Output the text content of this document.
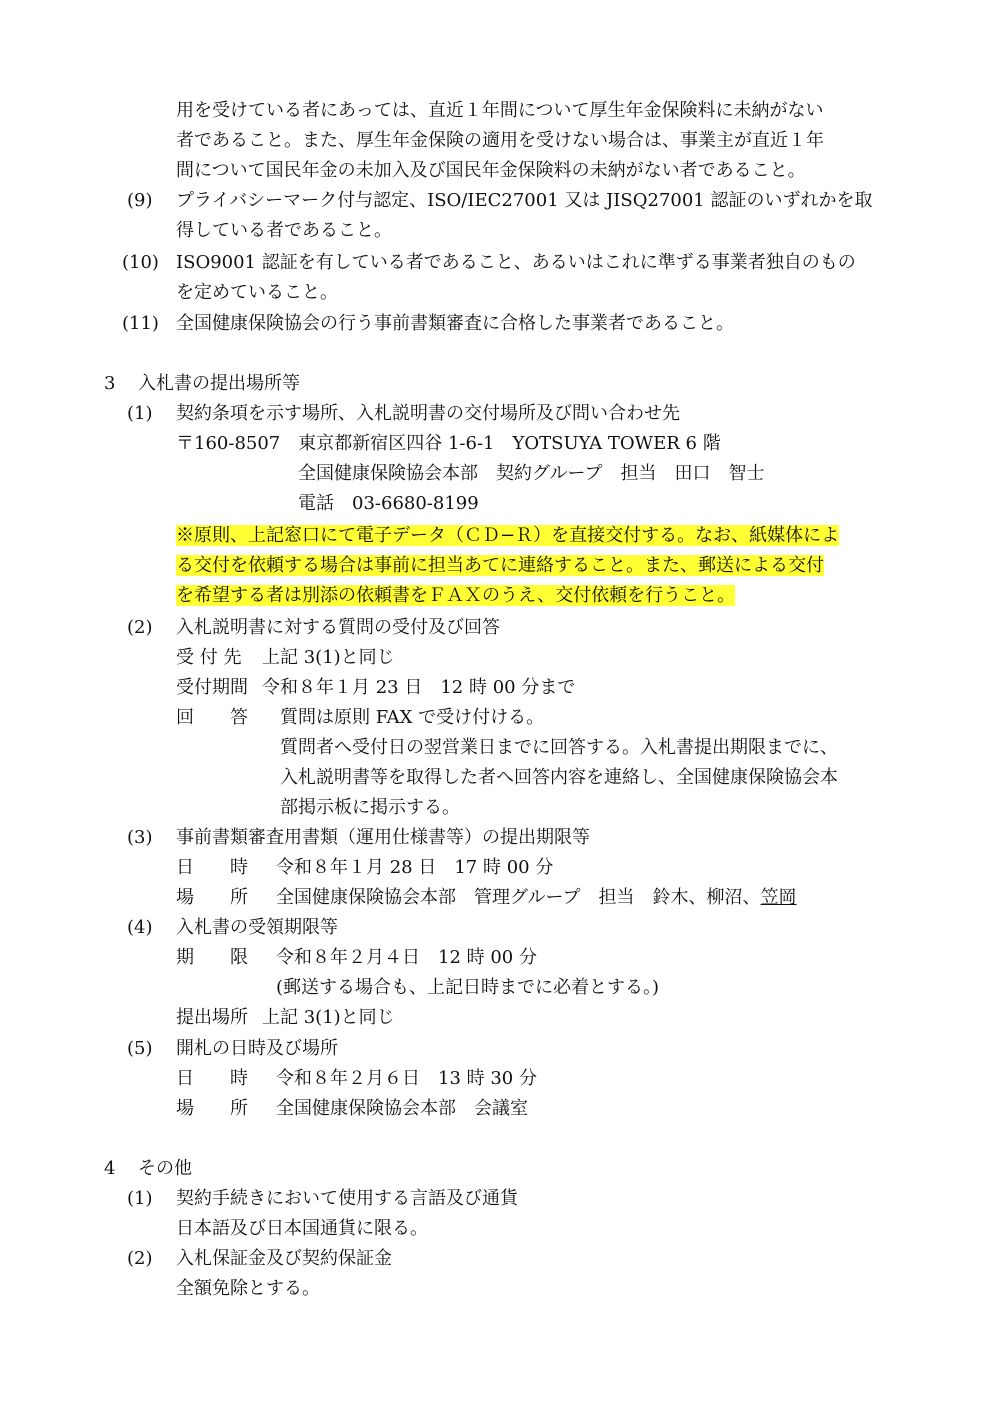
用を受けている者にあっては、直近１年間について厚生年金保険料に未納がない
者であること。また、厚生年金保険の適用を受けない場合は、事業主が直近１年
間について国民年金の未加入及び国民年金保険料の未納がない者であること。
(9) プライバシーマーク付与認定、ISO/IEC27001 又は JISQ27001 認証のいずれかを取
得している者であること。
(10) ISO9001 認証を有している者であること、あるいはこれに準ずる事業者独自のもの
を定めていること。
(11) 全国健康保険協会の行う事前書類審査に合格した事業者であること。
3 入札書の提出場所等
(1) 契約条項を示す場所、入札説明書の交付場所及び問い合わせ先
〒160-8507　東京都新宿区四谷 1-6-1　YOTSUYA TOWER 6 階
全国健康保険協会本部　契約グループ　担当　田口　智士
電話　03-6680-8199
※原則、上記窓口にて電子データ（ＣＤ−Ｒ）を直接交付する。なお、紙媒体によ
る交付を依頼する場合は事前に担当あてに連絡すること。また、郵送による交付
を希望する者は別添の依頼書をＦＡＸのうえ、交付依頼を行うこと。
(2) 入札説明書に対する質問の受付及び回答
受 付 先 上記 3(1)と同じ
受付期間 令和８年１月 23 日　12 時 00 分まで
回　　答 質問は原則 FAX で受け付ける。
質問者へ受付日の翌営業日までに回答する。入札書提出期限までに、
入札説明書等を取得した者へ回答内容を連絡し、全国健康保険協会本
部掲示板に掲示する。
(3) 事前書類審査用書類（運用仕様書等）の提出期限等
日　　時 令和８年１月 28 日　17 時 00 分
場　　所 全国健康保険協会本部　管理グループ　担当　鈴木、柳沼、笠岡
(4) 入札書の受領期限等
期　　限 令和８年２月４日　12 時 00 分
(郵送する場合も、上記日時までに必着とする。)
提出場所 上記 3(1)と同じ
(5) 開札の日時及び場所
日　　時 令和８年２月６日　13 時 30 分
場　　所 全国健康保険協会本部　会議室
4 その他
(1) 契約手続きにおいて使用する言語及び通貨
日本語及び日本国通貨に限る。
(2) 入札保証金及び契約保証金
全額免除とする。
